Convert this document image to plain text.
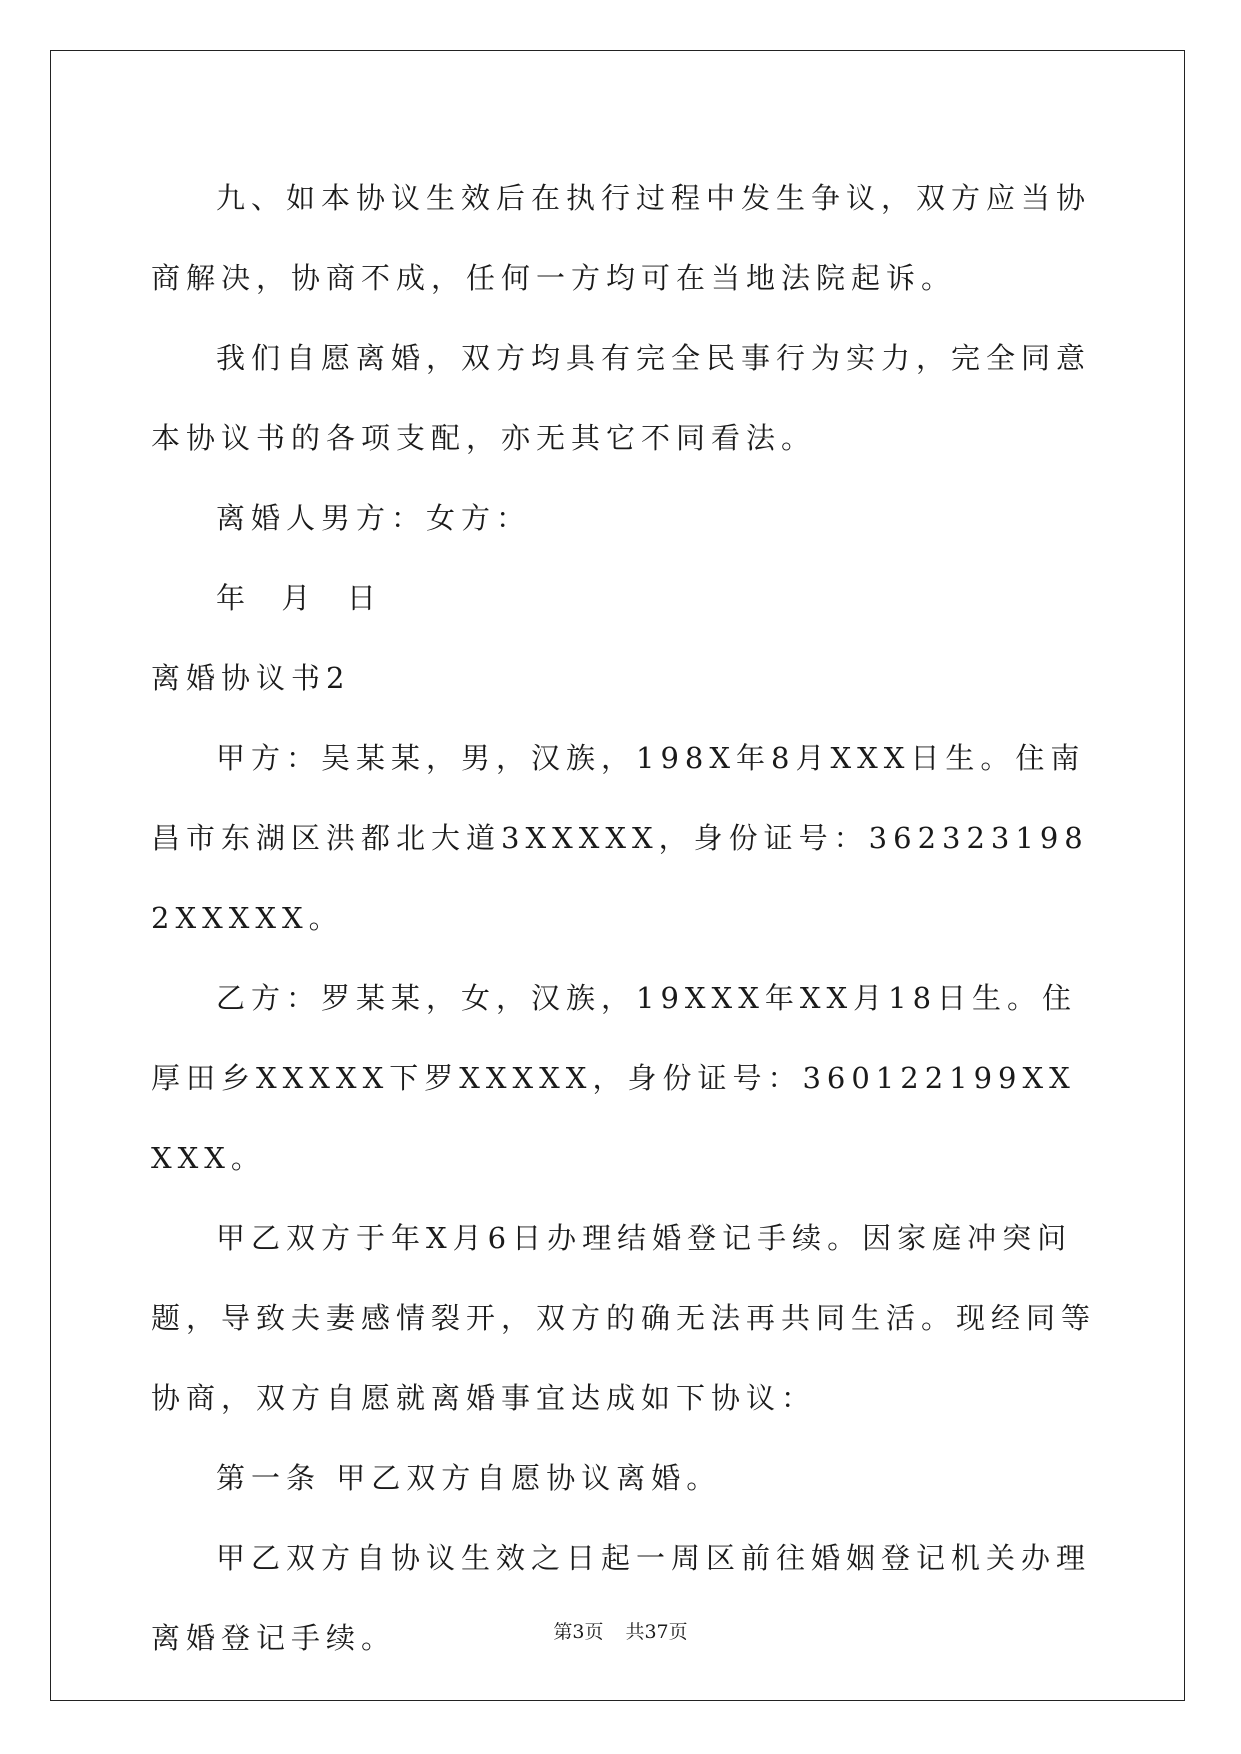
九、如本协议生效后在执行过程中发生争议，双方应当协商解决，协商不成，任何一方均可在当地法院起诉。

我们自愿离婚，双方均具有完全民事行为实力，完全同意本协议书的各项支配，亦无其它不同看法。

离婚人男方：女方：

年  月  日

离婚协议书2

甲方：吴某某，男，汉族，198X年8月XXX日生。住南昌市东湖区洪都北大道3XXXXX，身份证号：3623231982XXXXX。

乙方：罗某某，女，汉族，19XXX年XX月18日生。住厚田乡XXXXX下罗XXXXX，身份证号：360122199XXXXX。

甲乙双方于年X月6日办理结婚登记手续。因家庭冲突问题，导致夫妻感情裂开，双方的确无法再共同生活。现经同等协商，双方自愿就离婚事宜达成如下协议：

第一条 甲乙双方自愿协议离婚。

甲乙双方自协议生效之日起一周区前往婚姻登记机关办理离婚登记手续。	第3页 共37页
